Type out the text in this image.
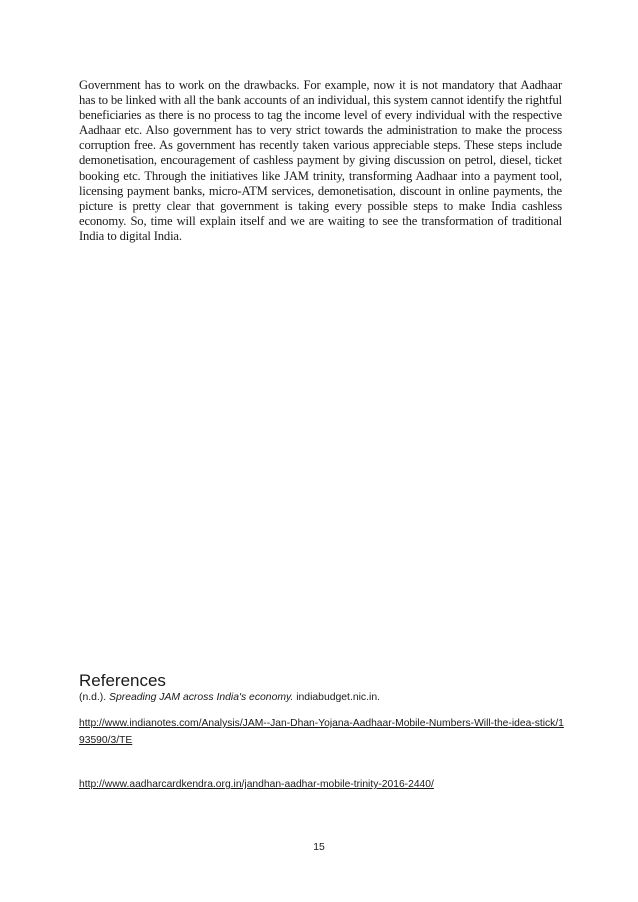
Government has to work on the drawbacks. For example, now it is not mandatory that Aadhaar has to be linked with all the bank accounts of an individual, this system cannot identify the rightful beneficiaries as there is no process to tag the income level of every individual with the respective Aadhaar etc. Also government has to very strict towards the administration to make the process corruption free. As government has recently taken various appreciable steps. These steps include demonetisation, encouragement of cashless payment by giving discussion on petrol, diesel, ticket booking etc. Through the initiatives like JAM trinity, transforming Aadhaar into a payment tool, licensing payment banks, micro-ATM services, demonetisation, discount in online payments, the picture is pretty clear that government is taking every possible steps to make India cashless economy. So, time will explain itself and we are waiting to see the transformation of traditional India to digital India.

References

(n.d.). Spreading JAM across India's economy. indiabudget.nic.in.

http://www.indianotes.com/Analysis/JAM--Jan-Dhan-Yojana-Aadhaar-Mobile-Numbers-Will-the-idea-stick/193590/3/TE

http://www.aadharcardkendra.org.in/jandhan-aadhar-mobile-trinity-2016-2440/

15
